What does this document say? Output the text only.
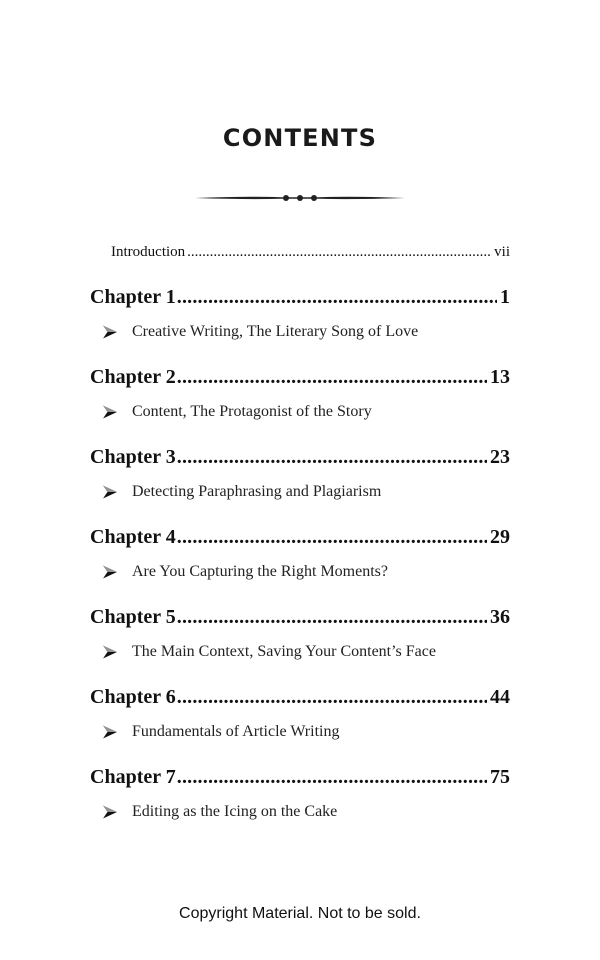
CONTENTS
Introduction .....	vii
Chapter 1 .....	1
Creative Writing, The Literary Song of Love
Chapter 2 .....	13
Content, The Protagonist of the Story
Chapter 3 .....	23
Detecting Paraphrasing and Plagiarism
Chapter 4 .....	29
Are You Capturing the Right Moments?
Chapter 5 .....	36
The Main Context, Saving Your Content’s Face
Chapter 6 .....	44
Fundamentals of Article Writing
Chapter 7 .....	75
Editing as the Icing on the Cake
Copyright Material. Not to be sold.
